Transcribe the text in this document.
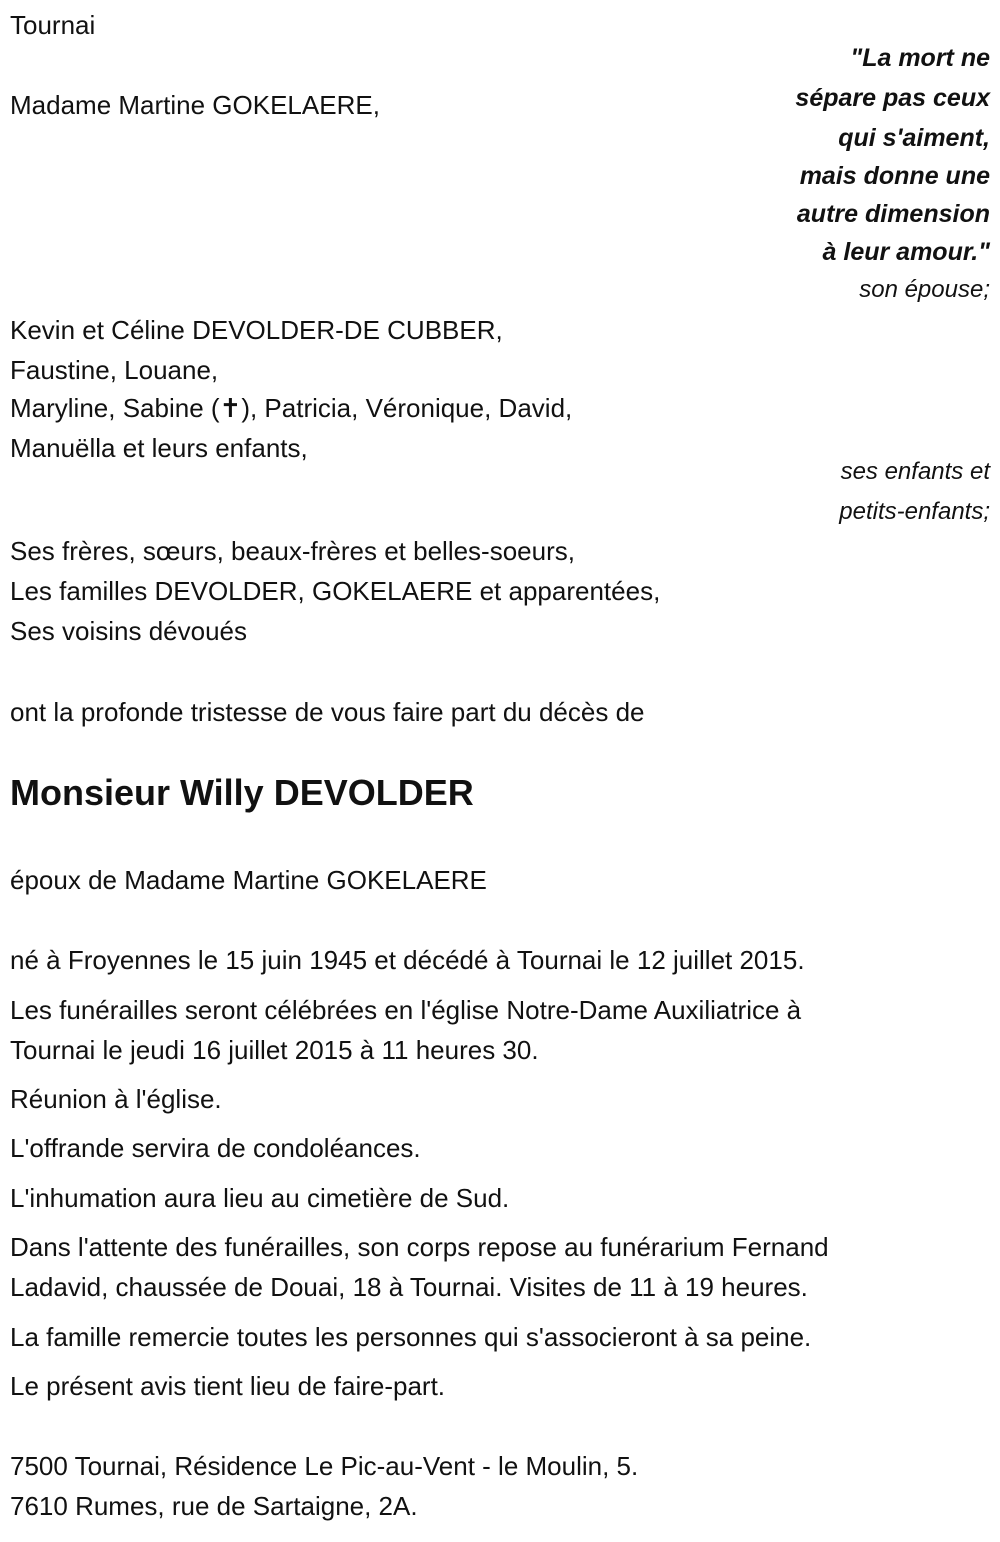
Tournai
Madame Martine GOKELAERE,
"La mort ne
sépare pas ceux
qui s'aiment,
mais donne une
autre dimension
à leur amour."
son épouse;
Kevin et Céline DEVOLDER-DE CUBBER,
Faustine, Louane,
Maryline, Sabine (✝), Patricia, Véronique, David,
Manuëlla et leurs enfants,
ses enfants et
petits-enfants;
Ses frères, sœurs, beaux-frères et belles-soeurs,
Les familles DEVOLDER, GOKELAERE et apparentées,
Ses voisins dévoués
ont la profonde tristesse de vous faire part du décès de
Monsieur Willy DEVOLDER
époux de Madame Martine GOKELAERE
né à Froyennes le 15 juin 1945 et décédé à Tournai le 12 juillet 2015.
Les funérailles seront célébrées en l'église Notre-Dame Auxiliatrice à
Tournai le jeudi 16 juillet 2015 à 11 heures 30.
Réunion à l'église.
L'offrande servira de condoléances.
L'inhumation aura lieu au cimetière de Sud.
Dans l'attente des funérailles, son corps repose au funérarium Fernand
Ladavid, chaussée de Douai, 18 à Tournai. Visites de 11 à 19 heures.
La famille remercie toutes les personnes qui s'associeront à sa peine.
Le présent avis tient lieu de faire-part.
7500 Tournai, Résidence Le Pic-au-Vent - le Moulin, 5.
7610 Rumes, rue de Sartaigne, 2A.
